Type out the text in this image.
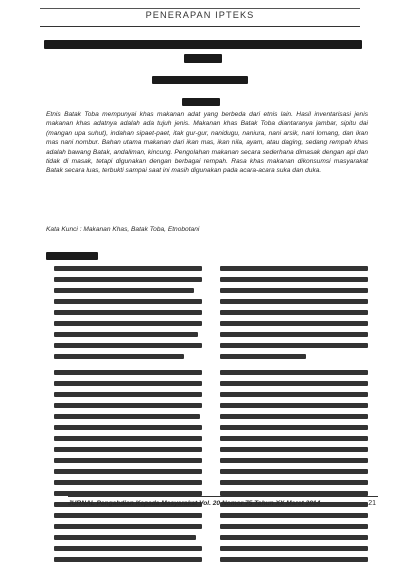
PENERAPAN IPTEKS
Etnis Batak Toba mempunyai khas makanan adat yang berbeda dari etnis lain. Hasil inventarisasi jenis makanan khas adatnya adalah ada tujuh jenis. Makanan khas Batak Toba diantaranya jambar, sipitu dai (mangan upa suhut), indahan sipaet-paet, itak gur-gur, nanidugu, naniura, nani arsik, nani lomang, dan ikan mas nani nombur. Bahan utama makanan dari ikan mas, ikan nila, ayam, atau daging, sedang rempah khas adalah bawang Batak, andaliman, kincung. Pengolahan makanan secara sederhana dimasak dengan api dan tidak di masak, tetapi digunakan dengan berbagai rempah. Rasa khas makanan dikonsumsi masyarakat Batak secara luas, terbukti sampai saat ini masih digunakan pada acara-acara suka dan duka.
Kata Kunci : Makanan Khas, Batak Toba, Etnobotani
JURNAL Pengabdian Kepada Masyarakat Vol. 20 Nomor 75 Tahun XX Maret 2014	21
